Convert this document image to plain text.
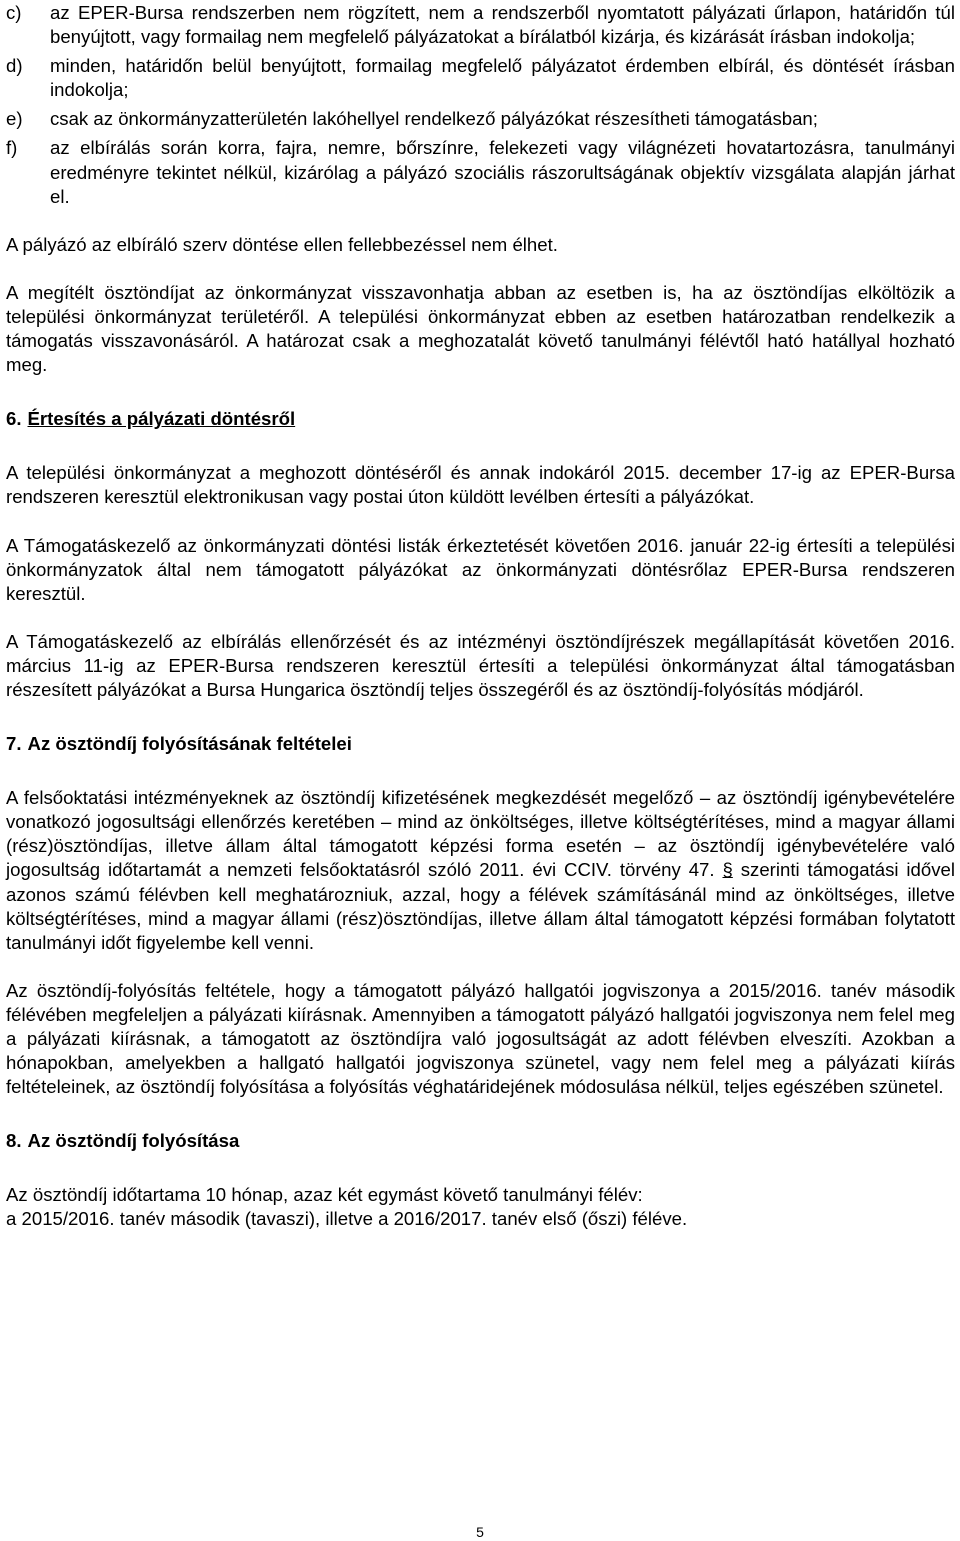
c)	az EPER-Bursa rendszerben nem rögzített, nem a rendszerből nyomtatott pályázati űrlapon, határidőn túl benyújtott, vagy formailag nem megfelelő pályázatokat a bírálatból kizárja, és kizárását írásban indokolja;
d)	minden, határidőn belül benyújtott, formailag megfelelő pályázatot érdemben elbírál, és döntését írásban indokolja;
e)	csak az önkormányzatterületén lakóhellyel rendelkező pályázókat részesítheti támogatásban;
f)	az elbírálás során korra, fajra, nemre, bőrszínre, felekezeti vagy világnézeti hovatartozásra, tanulmányi eredményre tekintet nélkül, kizárólag a pályázó szociális rászorultságának objektív vizsgálata alapján járhat el.

A pályázó az elbíráló szerv döntése ellen fellebbezéssel nem élhet.

A megítélt ösztöndíjat az önkormányzat visszavonhatja abban az esetben is, ha az ösztöndíjas elköltözik a települési önkormányzat területéről. A települési önkormányzat ebben az esetben határozatban rendelkezik a támogatás visszavonásáról. A határozat csak a meghozatalát követő tanulmányi félévtől ható hatállyal hozható meg.

6. Értesítés a pályázati döntésről

A települési önkormányzat a meghozott döntéséről és annak indokáról 2015. december 17-ig az EPER-Bursa rendszeren keresztül elektronikusan vagy postai úton küldött levélben értesíti a pályázókat.

A Támogatáskezelő az önkormányzati döntési listák érkeztetését követően 2016. január 22-ig értesíti a települési önkormányzatok által nem támogatott pályázókat az önkormányzati döntésrőlaz EPER-Bursa rendszeren keresztül.

A Támogatáskezelő az elbírálás ellenőrzését és az intézményi ösztöndíjrészek megállapítását követően 2016. március 11-ig az EPER-Bursa rendszeren keresztül értesíti a települési önkormányzat által támogatásban részesített pályázókat a Bursa Hungarica ösztöndíj teljes összegéről és az ösztöndíj-folyósítás módjáról.

7. Az ösztöndíj folyósításának feltételei

A felsőoktatási intézményeknek az ösztöndíj kifizetésének megkezdését megelőző – az ösztöndíj igénybevételére vonatkozó jogosultsági ellenőrzés keretében – mind az önköltséges, illetve költségtérítéses, mind a magyar állami (rész)ösztöndíjas, illetve állam által támogatott képzési forma esetén – az ösztöndíj igénybevételére való jogosultság időtartamát a nemzeti felsőoktatásról szóló 2011. évi CCIV. törvény 47. § szerinti támogatási idővel azonos számú félévben kell meghatározniuk, azzal, hogy a félévek számításánál mind az önköltséges, illetve költségtérítéses, mind a magyar állami (rész)ösztöndíjas, illetve állam által támogatott képzési formában folytatott tanulmányi időt figyelembe kell venni.

Az ösztöndíj-folyósítás feltétele, hogy a támogatott pályázó hallgatói jogviszonya a 2015/2016. tanév második félévében megfeleljen a pályázati kiírásnak. Amennyiben a támogatott pályázó hallgatói jogviszonya nem felel meg a pályázati kiírásnak, a támogatott az ösztöndíjra való jogosultságát az adott félévben elveszíti. Azokban a hónapokban, amelyekben a hallgató hallgatói jogviszonya szünetel, vagy nem felel meg a pályázati kiírás feltételeinek, az ösztöndíj folyósítása a folyósítás véghatáridejének módosulása nélkül, teljes egészében szünetel.

8. Az ösztöndíj folyósítása

Az ösztöndíj időtartama 10 hónap, azaz két egymást követő tanulmányi félév:

a 2015/2016. tanév második (tavaszi), illetve a 2016/2017. tanév első (őszi) féléve.

5
